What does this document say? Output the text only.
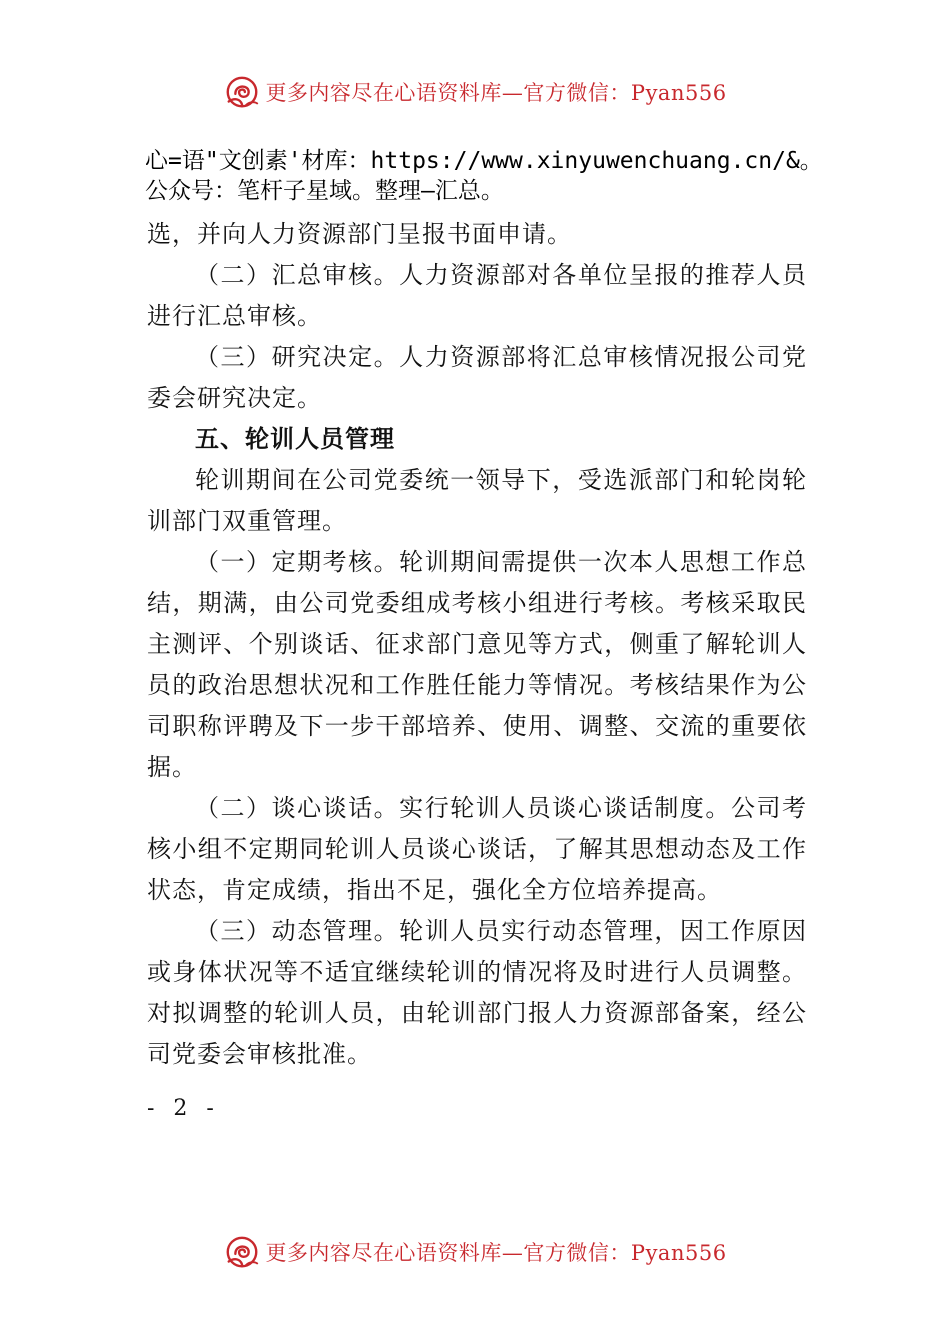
更多内容尽在心语资料库—官方微信：Pyan556
心=语"文创素'材库：https://www.xinyuwenchuang.cn/&。公众号：笔杆子星域。整理—汇总。

选，并向人力资源部门呈报书面申请。

（二）汇总审核。人力资源部对各单位呈报的推荐人员进行汇总审核。

（三）研究决定。人力资源部将汇总审核情况报公司党委会研究决定。

五、轮训人员管理

轮训期间在公司党委统一领导下，受选派部门和轮岗轮训部门双重管理。

（一）定期考核。轮训期间需提供一次本人思想工作总结，期满，由公司党委组成考核小组进行考核。考核采取民主测评、个别谈话、征求部门意见等方式，侧重了解轮训人员的政治思想状况和工作胜任能力等情况。考核结果作为公司职称评聘及下一步干部培养、使用、调整、交流的重要依据。

（二）谈心谈话。实行轮训人员谈心谈话制度。公司考核小组不定期同轮训人员谈心谈话，了解其思想动态及工作状态，肯定成绩，指出不足，强化全方位培养提高。

（三）动态管理。轮训人员实行动态管理，因工作原因或身体状况等不适宜继续轮训的情况将及时进行人员调整。对拟调整的轮训人员，由轮训部门报人力资源部备案，经公司党委会审核批准。

- 2 -
更多内容尽在心语资料库—官方微信：Pyan556
